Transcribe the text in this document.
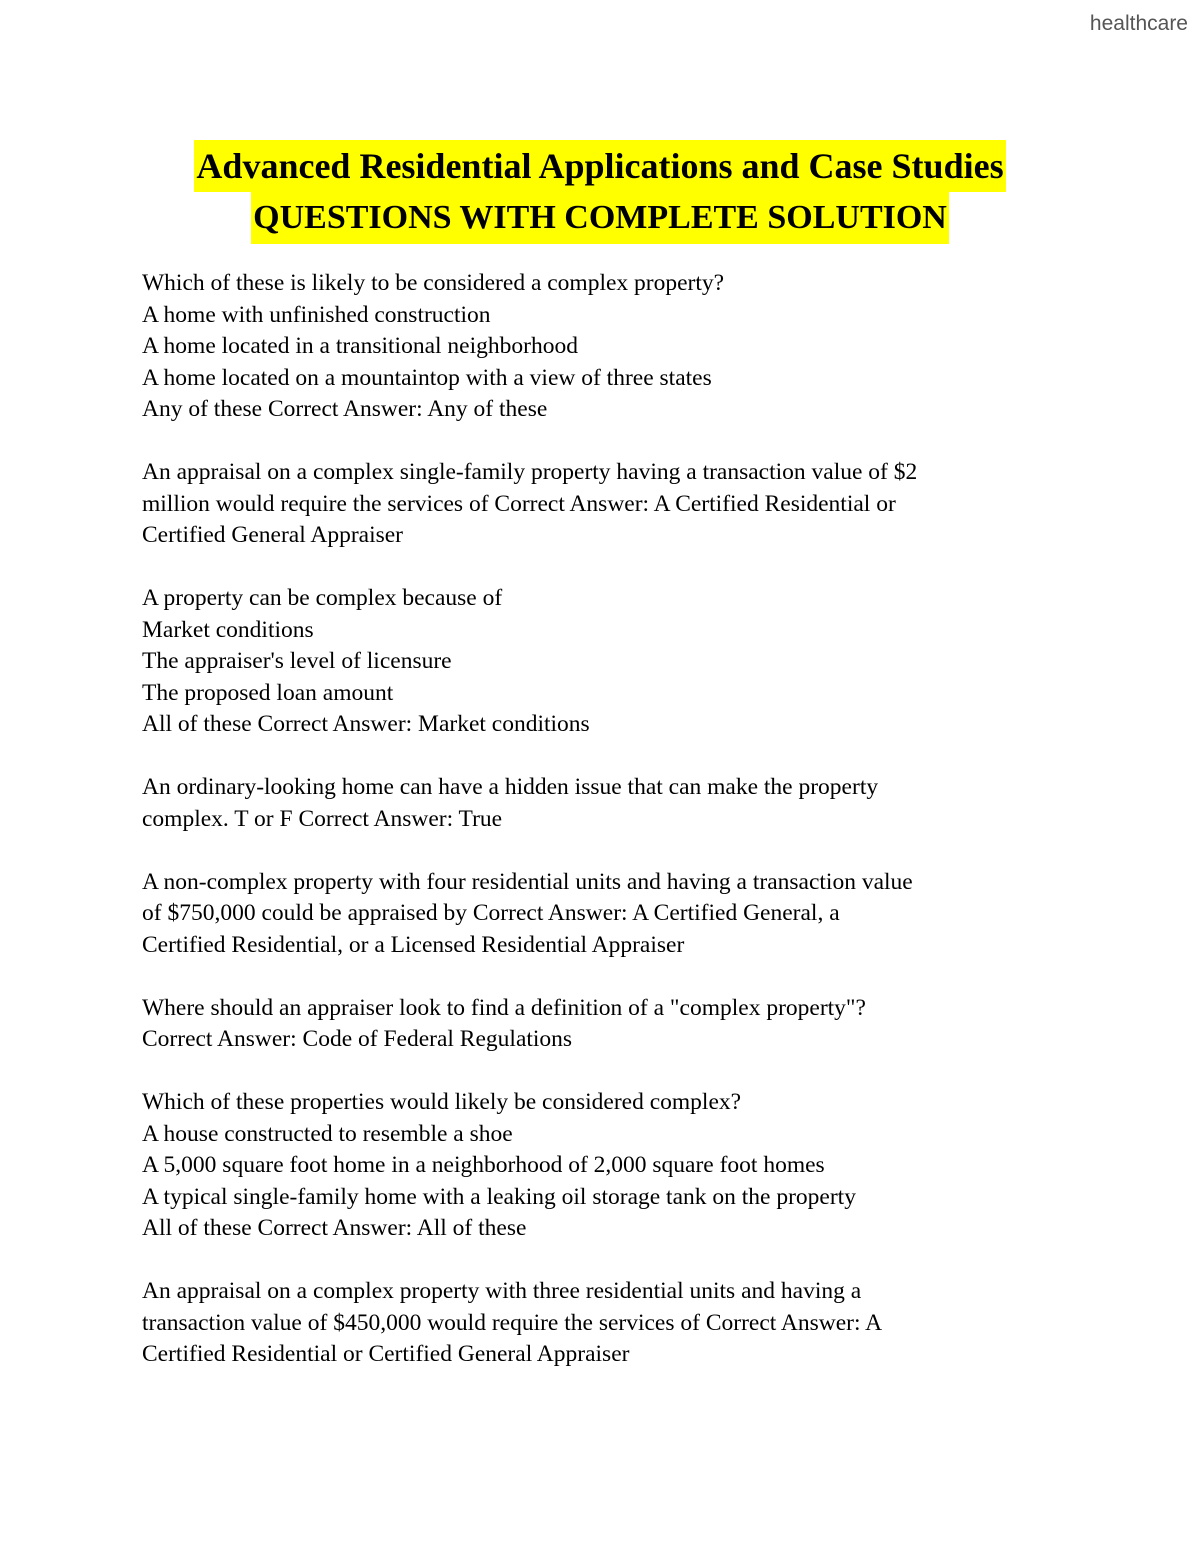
healthcare
Advanced Residential Applications and Case Studies
QUESTIONS WITH COMPLETE SOLUTION
Which of these is likely to be considered a complex property?
A home with unfinished construction
A home located in a transitional neighborhood
A home located on a mountaintop with a view of three states
Any of these Correct Answer: Any of these
An appraisal on a complex single-family property having a transaction value of $2
million would require the services of Correct Answer: A Certified Residential or
Certified General Appraiser
A property can be complex because of
Market conditions
The appraiser's level of licensure
The proposed loan amount
All of these Correct Answer: Market conditions
An ordinary-looking home can have a hidden issue that can make the property
complex. T or F Correct Answer: True
A non-complex property with four residential units and having a transaction value
of $750,000 could be appraised by Correct Answer: A Certified General, a
Certified Residential, or a Licensed Residential Appraiser
Where should an appraiser look to find a definition of a "complex property"?
Correct Answer: Code of Federal Regulations
Which of these properties would likely be considered complex?
A house constructed to resemble a shoe
A 5,000 square foot home in a neighborhood of 2,000 square foot homes
A typical single-family home with a leaking oil storage tank on the property
All of these Correct Answer: All of these
An appraisal on a complex property with three residential units and having a
transaction value of $450,000 would require the services of Correct Answer: A
Certified Residential or Certified General Appraiser
